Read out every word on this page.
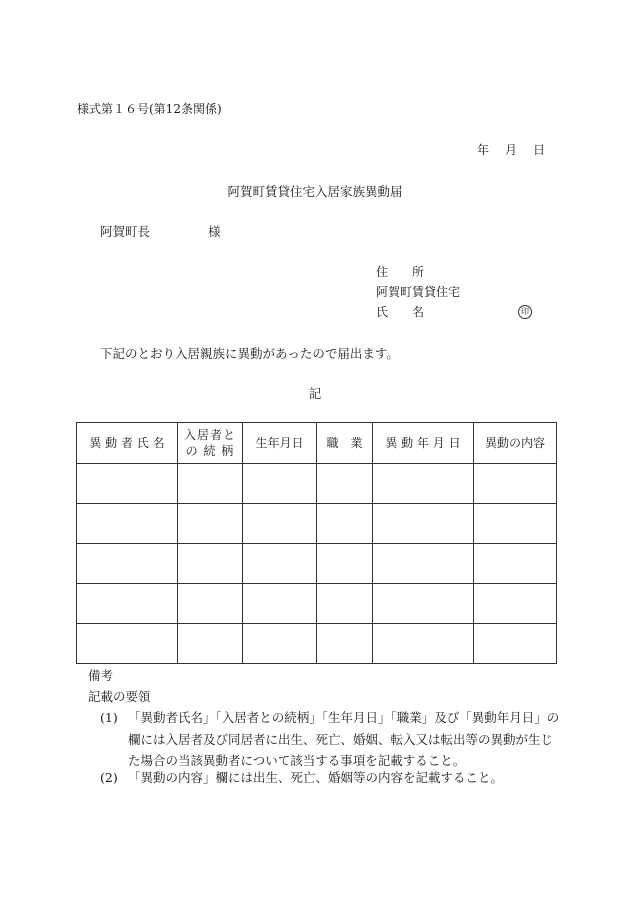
様式第１６号(第12条関係)
年 月 日
阿賀町賃貸住宅入居家族異動届
阿賀町長	様
住　　所
阿賀町賃貸住宅
氏　　名	印
下記のとおり入居親族に異動があったので届出ます。
記
異 動 者 氏 名	入居者と の 続 柄	生年月日	職　業	異 動 年 月 日	異動の内容

備考
記載の要領
(1) 「異動者氏名」「入居者との続柄」「生年月日」「職業」及び「異動年月日」の欄には入居者及び同居者に出生、死亡、婚姻、転入又は転出等の異動が生じた場合の当該異動者について該当する事項を記載すること。
(2) 「異動の内容」欄には出生、死亡、婚姻等の内容を記載すること。
